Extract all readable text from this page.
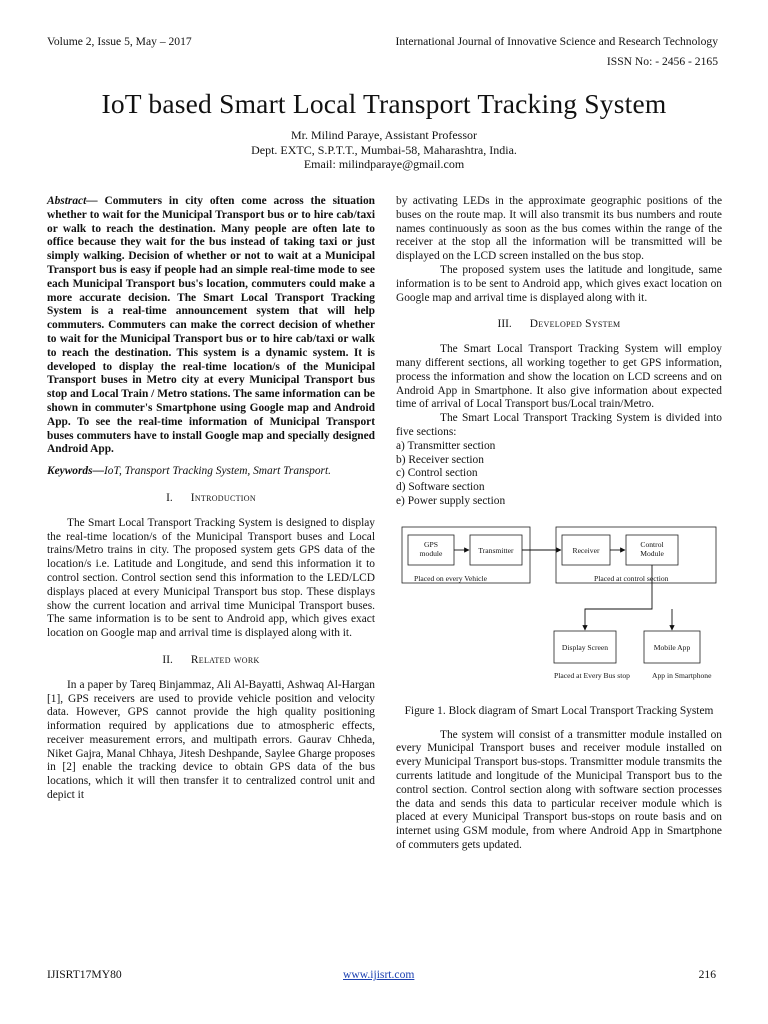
Volume 2, Issue 5, May – 2017	International Journal of Innovative Science and Research Technology
ISSN No: - 2456 - 2165
IoT based Smart Local Transport Tracking System
Mr. Milind Paraye, Assistant Professor
Dept. EXTC, S.P.T.T., Mumbai-58, Maharashtra, India.
Email: milindparaye@gmail.com

Abstract— Commuters in city often come across the situation whether to wait for the Municipal Transport bus or to hire cab/taxi or walk to reach the destination. Many people are often late to office because they wait for the bus instead of taking taxi or just simply walking. Decision of whether or not to wait at a Municipal Transport bus is easy if people had an simple real-time mode to see each Municipal Transport bus's location, commuters could make a more accurate decision. The Smart Local Transport Tracking System is a real-time announcement system that will help commuters. Commuters can make the correct decision of whether to wait for the Municipal Transport bus or to hire cab/taxi or walk to reach the destination. This system is a dynamic system. It is developed to display the real-time location/s of the Municipal Transport buses in Metro city at every Municipal Transport bus stop and Local Train / Metro stations. The same information can be shown in commuter's Smartphone using Google map and Android App. To see the real-time information of Municipal Transport buses commuters have to install Google map and specially designed Android App.

Keywords—IoT, Transport Tracking System, Smart Transport.

I. Introduction

The Smart Local Transport Tracking System is designed to display the real-time location/s of the Municipal Transport buses and Local trains/Metro trains in city. The proposed system gets GPS data of the location/s i.e. Latitude and Longitude, and send this information it to control section. Control section send this information to the LED/LCD displays placed at every Municipal Transport bus stop. These displays show the current location and arrival time Municipal Transport buses. The same information is to be sent to Android app, which gives exact location on Google map and arrival time is displayed along with it.

II. Related work

In a paper by Tareq Binjammaz, Ali Al-Bayatti, Ashwaq Al-Hargan [1], GPS receivers are used to provide vehicle position and velocity data. However, GPS cannot provide the high quality positioning information required by applications due to atmospheric effects, receiver measurement errors, and multipath errors. Gaurav Chheda, Niket Gajra, Manal Chhaya, Jitesh Deshpande, Saylee Gharge proposes in [2] enable the tracking device to obtain GPS data of the bus locations, which it will then transfer it to centralized control unit and depict it

by activating LEDs in the approximate geographic positions of the buses on the route map. It will also transmit its bus numbers and route names continuously as soon as the bus comes within the range of the receiver at the stop all the information will be transmitted will be displayed on the LCD screen installed on the bus stop.

The proposed system uses the latitude and longitude, same information is to be sent to Android app, which gives exact location on Google map and arrival time is displayed along with it.

III. Developed System

The Smart Local Transport Tracking System will employ many different sections, all working together to get GPS information, process the information and show the location on LCD screens and on Android App in Smartphone. It also give information about expected time of arrival of Local Transport bus/Local train/Metro.

The Smart Local Transport Tracking System is divided into five sections:

a) Transmitter section

b) Receiver section

c) Control section

d) Software section

e) Power supply section

GPS
module	Transmitter	Receiver
Control
Module
Display Screen	Mobile App
Placed on every Vehicle	Placed at control section
Placed at Every Bus stop	App in Smartphone

Figure 1. Block diagram of Smart Local Transport Tracking System

The system will consist of a transmitter module installed on every Municipal Transport buses and receiver module installed on every Municipal Transport bus-stops. Transmitter module transmits the currents latitude and longitude of the Municipal Transport bus to the control section. Control section along with software section processes the data and sends this data to particular receiver module which is placed at every Municipal Transport bus-stops on route basis and on internet using GSM module, from where Android App in Smartphone of commuters gets updated.

IJISRT17MY80	www.ijisrt.com	216
